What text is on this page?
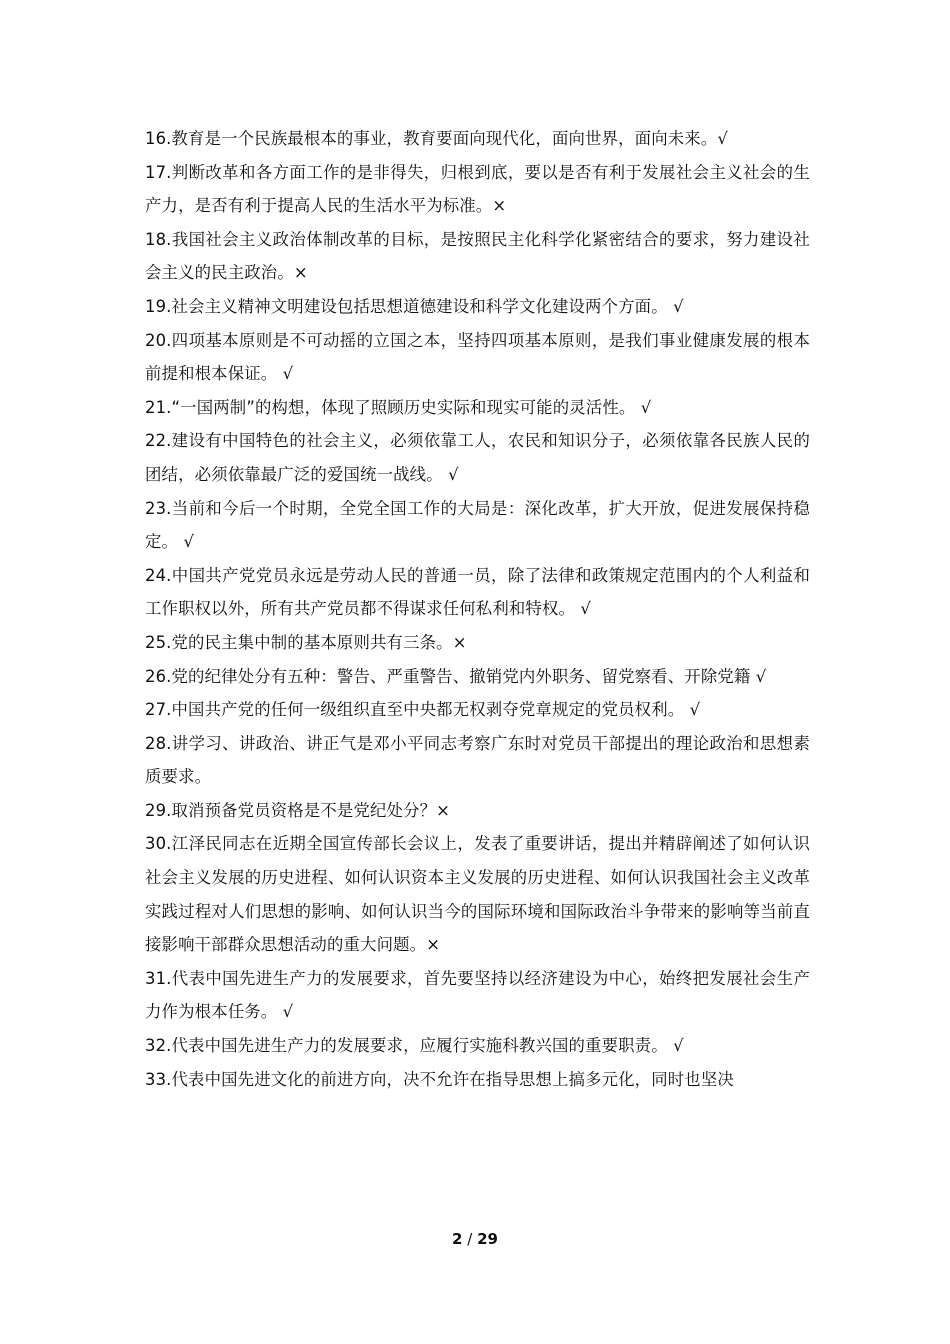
16.教育是一个民族最根本的事业，教育要面向现代化，面向世界，面向未来。√

17.判断改革和各方面工作的是非得失，归根到底，要以是否有利于发展社会主义社会的生产力，是否有利于提高人民的生活水平为标准。×

18.我国社会主义政治体制改革的目标，是按照民主化科学化紧密结合的要求，努力建设社会主义的民主政治。×

19.社会主义精神文明建设包括思想道德建设和科学文化建设两个方面。 √

20.四项基本原则是不可动摇的立国之本，坚持四项基本原则，是我们事业健康发展的根本前提和根本保证。 √

21.“一国两制”的构想，体现了照顾历史实际和现实可能的灵活性。 √

22.建设有中国特色的社会主义，必须依靠工人，农民和知识分子，必须依靠各民族人民的团结，必须依靠最广泛的爱国统一战线。 √

23.当前和今后一个时期，全党全国工作的大局是：深化改革，扩大开放，促进发展保持稳定。 √

24.中国共产党党员永远是劳动人民的普通一员，除了法律和政策规定范围内的个人利益和工作职权以外，所有共产党员都不得谋求任何私利和特权。 √

25.党的民主集中制的基本原则共有三条。×

26.党的纪律处分有五种：警告、严重警告、撤销党内外职务、留党察看、开除党籍 √

27.中国共产党的任何一级组织直至中央都无权剥夺党章规定的党员权利。 √

28.讲学习、讲政治、讲正气是邓小平同志考察广东时对党员干部提出的理论政治和思想素质要求。

29.取消预备党员资格是不是党纪处分？×

30.江泽民同志在近期全国宣传部长会议上，发表了重要讲话，提出并精辟阐述了如何认识社会主义发展的历史进程、如何认识资本主义发展的历史进程、如何认识我国社会主义改革实践过程对人们思想的影响、如何认识当今的国际环境和国际政治斗争带来的影响等当前直接影响干部群众思想活动的重大问题。×

31.代表中国先进生产力的发展要求，首先要坚持以经济建设为中心，始终把发展社会生产力作为根本任务。 √

32.代表中国先进生产力的发展要求，应履行实施科教兴国的重要职责。 √

33.代表中国先进文化的前进方向，决不允许在指导思想上搞多元化，同时也坚决

2 / 29
